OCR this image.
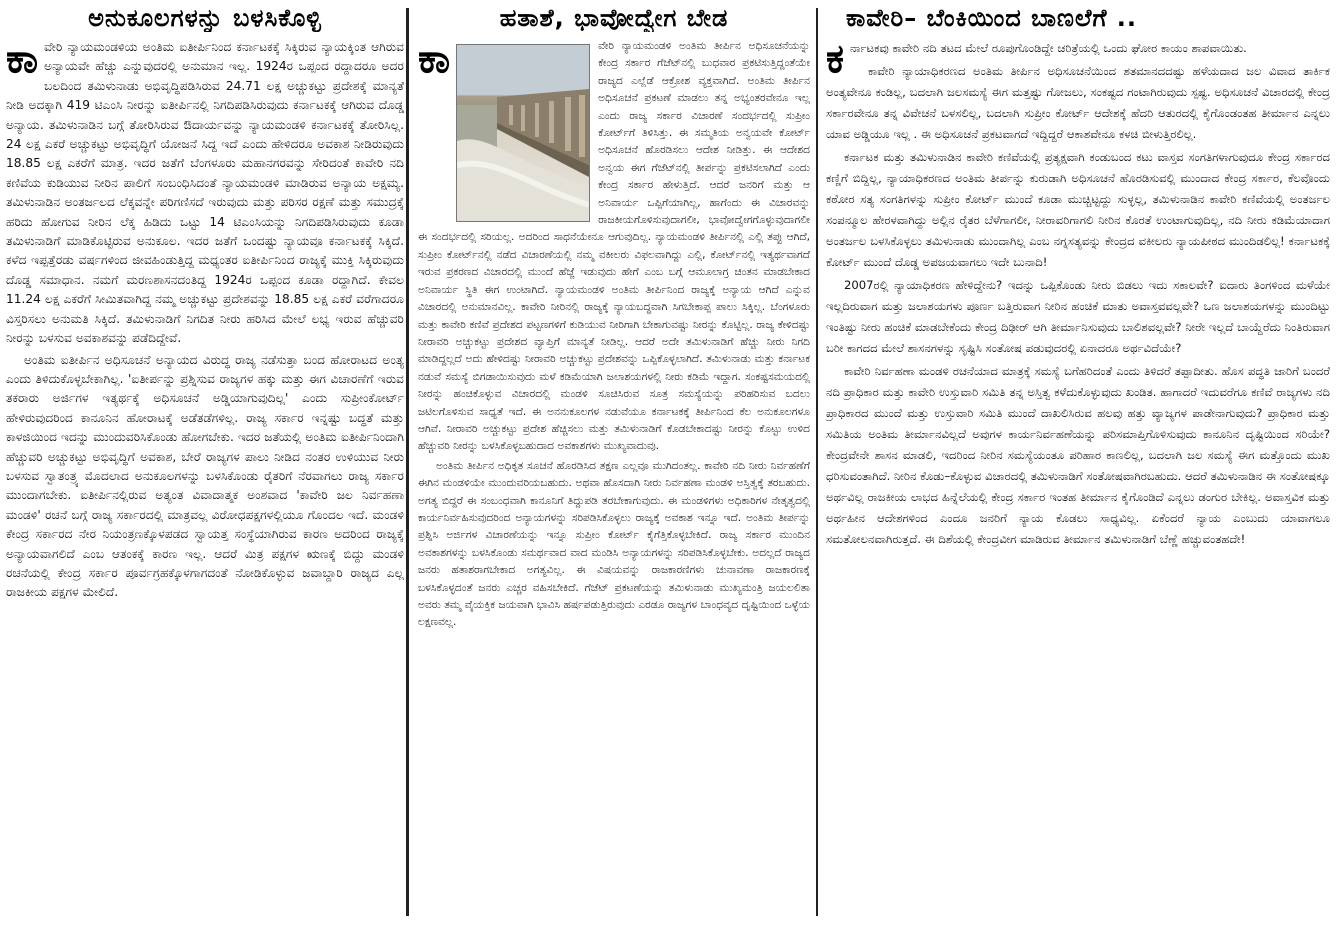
ಅನುಕೂಲಗಳನ್ನು ಬಳಸಿಕೊಳ್ಳಿ

ಕಾ ವೇರಿ ನ್ಯಾಯಮಂಡಳಿಯ ಅಂತಿಮ ಐತೀರ್ಪಿನಿಂದ ಕರ್ನಾಟಕಕ್ಕೆ ಸಿಕ್ಕಿರುವ ನ್ಯಾಯಕ್ಕಿಂತ ಆಗಿರುವ ಅನ್ಯಾಯವೇ ಹೆಚ್ಚು ಎನ್ನುವುದರಲ್ಲಿ ಅನುಮಾನ ಇಲ್ಲ. 1924ರ ಒಪ್ಪಂದ ರದ್ದಾದರೂ ಅದರ ಬಲದಿಂದ ತಮಿಳುನಾಡು ಅಭಿವೃದ್ಧಿಪಡಿಸಿರುವ 24.71 ಲಕ್ಷ ಅಚ್ಚುಕಟ್ಟು ಪ್ರದೇಶಕ್ಕೆ ಮಾನ್ಯತೆ ನೀಡಿ ಅದಕ್ಕಾಗಿ 419 ಟಿಎಂಸಿ ನೀರನ್ನು ಐತೀರ್ಪಿನಲ್ಲಿ ನಿಗದಿಪಡಿಸಿರುವುದು ಕರ್ನಾಟಕಕ್ಕೆ ಆಗಿರುವ ದೊಡ್ಡ ಅನ್ಯಾಯ. ತಮಿಳುನಾಡಿನ ಬಗ್ಗೆ ತೋರಿಸಿರುವ ಔದಾರ್ಯವನ್ನು ನ್ಯಾಯಮಂಡಳಿ ಕರ್ನಾಟಕಕ್ಕೆ ತೋರಿಸಿಲ್ಲ. 24 ಲಕ್ಷ ಎಕರೆ ಅಚ್ಚುಕಟ್ಟು ಅಭಿವೃದ್ಧಿಗೆ ಯೋಜನೆ ಸಿದ್ದ ಇದೆ ಎಂದು ಹೇಳಿದರೂ ಅವಕಾಶ ನೀಡಿರುವುದು 18.85 ಲಕ್ಷ ಎಕರೆಗೆ ಮಾತ್ರ. ಇದರ ಜತೆಗೆ ಬೆಂಗಳೂರು ಮಹಾನಗರವನ್ನು ಸೇರಿದಂತೆ ಕಾವೇರಿ ನದಿ ಕಣಿವೆಯ ಕುಡಿಯುವ ನೀರಿನ ಪಾಲಿಗೆ ಸಂಬಂಧಿಸಿದಂತೆ ನ್ಯಾಯಮಂಡಳಿ ಮಾಡಿರುವ ಅನ್ಯಾಯ ಅಕ್ಷಮ್ಯ. ತಮಿಳುನಾಡಿನ ಅಂತರ್ಜಲದ ಲೆಕ್ಕವನ್ನೇ ಪರಿಗಣಿಸದೆ ಇರುವುದು ಮತ್ತು ಪರಿಸರ ರಕ್ಷಣೆ ಮತ್ತು ಸಮುದ್ರಕ್ಕೆ ಹರಿದು ಹೋಗುವ ನೀರಿನ ಲೆಕ್ಕ ಹಿಡಿದು ಒಟ್ಟು 14 ಟಿಎಂಸಿಯನ್ನು ನಿಗದಿಪಡಿಸಿರುವುದು ಕೂಡಾ ತಮಿಳುನಾಡಿಗೆ ಮಾಡಿಕೊಟ್ಟಿರುವ ಅನುಕೂಲ. ಇದರ ಜತೆಗೆ ಒಂದಷ್ಟು ನ್ಯಾಯವೂ ಕರ್ನಾಟಕಕ್ಕೆ ಸಿಕ್ಕಿದೆ. ಕಳೆದ ಇಪ್ಪತ್ತೆರಡು ವರ್ಷಗಳಿಂದ ಜೀವಹಿಂಡುತ್ತಿದ್ದ ಮಧ್ಯಂತರ ಐತೀರ್ಪಿನಿಂದ ರಾಜ್ಯಕ್ಕೆ ಮುಕ್ತಿ ಸಿಕ್ಕಿರುವುದು ದೊಡ್ಡ ಸಮಾಧಾನ. ನಮಗೆ ಮರಣಶಾಸನದಂತಿದ್ದ 1924ರ ಒಪ್ಪಂದ ಕೂಡಾ ರದ್ದಾಗಿದೆ. ಕೇವಲ 11.24 ಲಕ್ಷ ಎಕರೆಗೆ ಸೀಮಿತವಾಗಿದ್ದ ನಮ್ಮ ಅಚ್ಚುಕಟ್ಟು ಪ್ರದೇಶವನ್ನು 18.85 ಲಕ್ಷ ಎಕರೆ ವರೆಗಾದರೂ ವಿಸ್ತರಿಸಲು ಅನುಮತಿ ಸಿಕ್ಕಿದೆ. ತಮಿಳುನಾಡಿಗೆ ನಿಗದಿತ ನೀರು ಹರಿಸಿದ ಮೇಲೆ ಲಭ್ಯ ಇರುವ ಹೆಚ್ಚುವರಿ ನೀರನ್ನು ಬಳಸುವ ಅವಕಾಶವನ್ನು ಪಡೆದಿದ್ದೇವೆ.

ಅಂತಿಮ ಐತೀರ್ಪಿನ ಅಧಿಸೂಚನೆ ಅನ್ಯಾಯದ ವಿರುದ್ಧ ರಾಜ್ಯ ನಡೆಸುತ್ತಾ ಬಂದ ಹೋರಾಟದ ಅಂತ್ಯ ಎಂದು ತಿಳಿದುಕೊಳ್ಳಬೇಕಾಗಿಲ್ಲ. 'ಐತೀರ್ಪನ್ನು ಪ್ರಶ್ನಿಸುವ ರಾಜ್ಯಗಳ ಹಕ್ಕು ಮತ್ತು ಈಗ ವಿಚಾರಣೆಗೆ ಇರುವ ತಕರಾರು ಅರ್ಜಿಗಳ ಇತ್ಯರ್ಥಕ್ಕೆ ಅಧಿಸೂಚನೆ ಅಡ್ಡಿಯಾಗುವುದಿಲ್ಲ' ಎಂದು ಸುಪ್ರೀಂಕೋರ್ಟ್ ಹೇಳಿರುವುದರಿಂದ ಕಾನೂನಿನ ಹೋರಾಟಕ್ಕೆ ಅಡೆತಡೆಗಳಿಲ್ಲ. ರಾಜ್ಯ ಸರ್ಕಾರ ಇನ್ನಷ್ಟು ಬದ್ಧತೆ ಮತ್ತು ಕಾಳಜಿಯಿಂದ ಇದನ್ನು ಮುಂದುವರಿಸಿಕೊಂಡು ಹೋಗಬೇಕು. ಇದರ ಜತೆಯಲ್ಲಿ ಅಂತಿಮ ಐತೀರ್ಪಿನಿಂದಾಗಿ ಹೆಚ್ಚುವರಿ ಅಚ್ಚುಕಟ್ಟು ಅಭಿವೃದ್ಧಿಗೆ ಅವಕಾಶ, ಬೇರೆ ರಾಜ್ಯಗಳ ಪಾಲು ನೀಡಿದ ನಂತರ ಉಳಿಯುವ ನೀರು ಬಳಸುವ ಸ್ವಾತಂತ್ರ್ಯ ಮೊದಲಾದ ಅನುಕೂಲಗಳನ್ನು ಬಳಸಿಕೊಂಡು ರೈತರಿಗೆ ನೆರವಾಗಲು ರಾಜ್ಯ ಸರ್ಕಾರ ಮುಂದಾಗಬೇಕು. ಐತೀರ್ಪಿನಲ್ಲಿರುವ ಅತ್ಯಂತ ವಿವಾದಾತ್ಮಕ ಅಂಶವಾದ 'ಕಾವೇರಿ ಜಲ ನಿರ್ವಹಣಾ ಮಂಡಳಿ' ರಚನೆ ಬಗ್ಗೆ ರಾಜ್ಯ ಸರ್ಕಾರದಲ್ಲಿ ಮಾತ್ರವಲ್ಲ ವಿರೋಧಪಕ್ಷಗಳಲ್ಲಿಯೂ ಗೊಂದಲ ಇದೆ. ಮಂಡಳಿ ಕೇಂದ್ರ ಸರ್ಕಾರದ ನೇರ ನಿಯಂತ್ರಣಕ್ಕೊಳಪಡದ ಸ್ವಾಯತ್ತ ಸಂಸ್ಥೆಯಾಗಿರುವ ಕಾರಣ ಅದರಿಂದ ರಾಜ್ಯಕ್ಕೆ ಅನ್ಯಾಯವಾಗಲಿದೆ ಎಂಬ ಆತಂಕಕ್ಕೆ ಕಾರಣ ಇಲ್ಲ. ಆದರೆ ಮಿತ್ರ ಪಕ್ಷಗಳ ಋಣಕ್ಕೆ ಬಿದ್ದು ಮಂಡಳಿ ರಚನೆಯಲ್ಲಿ ಕೇಂದ್ರ ಸರ್ಕಾರ ಪೂರ್ವಗ್ರಹಕ್ಕೊಳಗಾಗದಂತೆ ನೋಡಿಕೊಳ್ಳುವ ಜವಾಬ್ದಾರಿ ರಾಜ್ಯದ ಎಲ್ಲ ರಾಜಕೀಯ ಪಕ್ಷಗಳ ಮೇಲಿದೆ.

ಹತಾಶೆ, ಭಾವೋದ್ವೇಗ ಬೇಡ

ಕಾ	ವೇರಿ ನ್ಯಾಯಮಂಡಳಿ ಅಂತಿಮ ತೀರ್ಪಿನ ಅಧಿಸೂಚನೆಯನ್ನು ಕೇಂದ್ರ ಸರ್ಕಾರ ಗೆಜೆಟ್‌ನಲ್ಲಿ ಬುಧವಾರ ಪ್ರಕಟಿಸುತ್ತಿದ್ದಂತೆಯೇ ರಾಜ್ಯದ ಎಲ್ಲೆಡೆ ಆಕ್ರೋಶ ವ್ಯಕ್ತವಾಗಿದೆ. ಅಂತಿಮ ತೀರ್ಪಿನ ಅಧಿಸೂಚನೆ ಪ್ರಕಟಣೆ ಮಾಡಲು ತನ್ನ ಅಭ್ಯಂತರವೇನೂ ಇಲ್ಲ ಎಂದು ರಾಜ್ಯ ಸರ್ಕಾರ ವಿಚಾರಣೆ ಸಂದರ್ಭದಲ್ಲಿ ಸುಪ್ರೀಂ ಕೋರ್ಟ್‌ಗೆ ತಿಳಿಸಿತ್ತು. ಈ ಸಮ್ಮತಿಯ ಅನ್ವಯವೇ ಕೋರ್ಟ್ ಅಧಿಸೂಚನೆ ಹೊರಡಿಸಲು ಆದೇಶ ನೀಡಿತ್ತು. ಈ ಆದೇಶದ ಅನ್ವಯ ಈಗ ಗೆಜೆಟ್‌ನಲ್ಲಿ ತೀರ್ಪನ್ನು ಪ್ರಕಟಿಸಲಾಗಿದೆ ಎಂದು ಕೇಂದ್ರ ಸರ್ಕಾರ ಹೇಳುತ್ತಿದೆ. ಆದರೆ ಜನರಿಗೆ ಮತ್ತು ಆ ಅನಿವಾರ್ಯ ಒಪ್ಪಿಗೆಯಾಗಿಲ್ಲ, ಹಾಗೆಂದು ಈ ವಿಚಾರವನ್ನು ರಾಜಕೀಯಗೊಳಿಸುವುದಾಗಲೀ, ಭಾವೋದ್ವೇಗಗೊಳ್ಳುವುದಾಗಲೀ ಈ ಸಂದರ್ಭದಲ್ಲಿ ಸರಿಯಲ್ಲ. ಅದರಿಂದ ಸಾಧನೆಯೇನೂ ಆಗುವುದಿಲ್ಲ. ನ್ಯಾಯಮಂಡಳಿ ತೀರ್ಪಿನಲ್ಲಿ ಎಲ್ಲಿ ತಪ್ಪು ಆಗಿದೆ, ಸುಪ್ರೀಂ ಕೋರ್ಟ್‌ನಲ್ಲಿ ನಡೆದ ವಿಚಾರಣೆಯಲ್ಲಿ ನಮ್ಮ ವಕೀಲರು ವಿಫಲವಾಗಿದ್ದು ಎಲ್ಲಿ, ಕೋರ್ಟ್‌ನಲ್ಲಿ ಇತ್ಯರ್ಥವಾಗದೆ ಇರುವ ಪ್ರಕರಣದ ವಿಚಾರದಲ್ಲಿ ಮುಂದೆ ಹೆಜ್ಜೆ ಇಡುವುದು ಹೇಗೆ ಎಂಬ ಬಗ್ಗೆ ಆಮೂಲಾಗ್ರ ಚಿಂತನ ಮಾಡಬೇಕಾದ ಅನಿವಾರ್ಯ ಸ್ಥಿತಿ ಈಗ ಉಂಟಾಗಿದೆ. ನ್ಯಾಯಮಂಡಳಿ ಅಂತಿಮ ತೀರ್ಪಿನಿಂದ ರಾಜ್ಯಕ್ಕೆ ಅನ್ಯಾಯ ಆಗಿದೆ ಎನ್ನುವ ವಿಚಾರದಲ್ಲಿ ಅನುಮಾನವಿಲ್ಲ. ಕಾವೇರಿ ನೀರಿನಲ್ಲಿ ರಾಜ್ಯಕ್ಕೆ ನ್ಯಾಯಬದ್ಧವಾಗಿ ಸಿಗಬೇಕಾಪ್ಪ ಪಾಲು ಸಿಕ್ಕಿಲ್ಲ. ಬೆಂಗಳೂರು ಮತ್ತು ಕಾವೇರಿ ಕಣಿವೆ ಪ್ರದೇಶದ ಪಟ್ಟಣಗಳಿಗೆ ಕುಡಿಯುವ ನೀರಿಗಾಗಿ ಬೇಕಾಗುವಷ್ಟು ನೀರನ್ನು ಕೊಟ್ಟಿಲ್ಲ. ರಾಜ್ಯ ಕೇಳಿದಷ್ಟು ನೀರಾವರಿ ಅಚ್ಚುಕಟ್ಟು ಪ್ರದೇಶದ ವ್ಯಾಪ್ತಿಗೆ ಮಾನ್ಯತೆ ನೀಡಿಲ್ಲ. ಆದರೆ ಅದೇ ತಮಿಳುನಾಡಿಗೆ ಹೆಚ್ಚು ನೀರು ನಿಗದಿ ಮಾಡಿದ್ದಲ್ಲದೆ ಅದು ಹೇಳಿದಷ್ಟು ನೀರಾವರಿ ಅಚ್ಚುಕಟ್ಟು ಪ್ರದೇಶವನ್ನು ಒಪ್ಪಿಕೊಳ್ಳಲಾಗಿದೆ. ತಮಿಳುನಾಡು ಮತ್ತು ಕರ್ನಾಟಕ ನಡುವೆ ಸಮಸ್ಯೆ ಬಿಗಡಾಯಿಸುವುದು ಮಳೆ ಕಡಿಮೆಯಾಗಿ ಜಲಾಶಯಗಳಲ್ಲಿ ನೀರು ಕಡಿಮೆ ಇದ್ದಾಗ. ಸಂಕಷ್ಟಸಮಯದಲ್ಲಿ ನೀರನ್ನು ಹಂಚಿಕೊಳ್ಳುವ ವಿಚಾರದಲ್ಲಿ ಮಂಡಳಿ ಸೂಚಿಸಿರುವ ಸೂತ್ರ ಸಮಸ್ಯೆಯನ್ನು ಪರಿಹರಿಸುವ ಬದಲು ಜಟಿಲಗೊಳಿಸುವ ಸಾಧ್ಯತೆ ಇದೆ. ಈ ಅನನುಕೂಲಗಳ ನಡುವೆಯೂ ಕರ್ನಾಟಕಕ್ಕೆ ತೀರ್ಪಿನಿಂದ ಕೆಲ ಅನುಕೂಲಗಳೂ ಆಗಿವೆ. ನೀರಾವರಿ ಅಚ್ಚುಕಟ್ಟು ಪ್ರದೇಶ ಹೆಚ್ಚಿಸಲು ಮತ್ತು ತಮಿಳುನಾಡಿಗೆ ಕೊಡಬೇಕಾದಷ್ಟು ನೀರನ್ನು ಕೊಟ್ಟು ಉಳಿದ ಹೆಚ್ಚುವರಿ ನೀರನ್ನು ಬಳಸಿಕೊಳ್ಳಬಹುದಾದ ಅವಕಾಶಗಳು ಮುಖ್ಯವಾದುವು.

ಅಂತಿಮ ತೀರ್ಪಿನ ಅಧಿಕೃತ ಸೂಚನೆ ಹೊರಡಿಸಿದ ತಕ್ಷಣ ಎಲ್ಲವೂ ಮುಗಿದಂತಲ್ಲ. ಕಾವೇರಿ ನದಿ ನೀರು ನಿರ್ವಹಣೆಗೆ ಈಗಿನ ಮಂಡಳಿಯೇ ಮುಂದುವರಿಯಬಹುದು. ಅಥವಾ ಹೊಸದಾಗಿ ನೀರು ನಿರ್ವಹಣಾ ಮಂಡಳಿ ಅಸ್ತಿತ್ವಕ್ಕೆ ತರಬಹುದು. ಅಗತ್ಯ ಬಿದ್ದರೆ ಈ ಸಂಬಂಧವಾಗಿ ಕಾನೂನಿಗೆ ತಿದ್ದುಪಡಿ ತರಬೇಕಾಗುವುದು. ಈ ಮಂಡಳಿಗಳು ಅಧಿಕಾರಿಗಳ ನೇತೃತ್ವದಲ್ಲಿ ಕಾರ್ಯನಿರ್ವಹಿಸುವುದರಿಂದ ಅನ್ಯಾಯಗಳನ್ನು ಸರಿಪಡಿಸಿಕೊಳ್ಳಲು ರಾಜ್ಯಕ್ಕೆ ಅವಕಾಶ ಇನ್ನೂ ಇದೆ. ಅಂತಿಮ ತೀರ್ಪನ್ನು ಪ್ರಶ್ನಿಸಿ ಅರ್ಜಿಗಳ ವಿಚಾರಣೆಯನ್ನು ಇನ್ನೂ ಸುಪ್ರೀಂ ಕೋರ್ಟ್ ಕೈಗೆತ್ತಿಕೊಳ್ಳಬೇಕಿದೆ. ರಾಜ್ಯ ಸರ್ಕಾರ ಮುಂದಿನ ಅವಕಾಶಗಳನ್ನು ಬಳಸಿಕೊಂಡು ಸಮರ್ಥವಾದ ವಾದ ಮಂಡಿಸಿ ಅನ್ಯಾಯಗಳನ್ನು ಸರಿಪಡಿಸಿಕೊಳ್ಳಬೇಕು. ಅದಲ್ಲದೆ ರಾಜ್ಯದ ಜನರು ಹತಾಶರಾಗಬೇಕಾದ ಅಗತ್ಯವಿಲ್ಲ. ಈ ವಿಷಯವನ್ನು ರಾಜಕಾರಣಿಗಳು ಚುನಾವಣಾ ರಾಜಕಾರಣಕ್ಕೆ ಬಳಸಿಕೊಳ್ಳದಂತೆ ಜನರು ಎಚ್ಚರ ವಹಿಸಬೇಕಿದೆ. ಗೆಜೆಟ್ ಪ್ರಕಟಣೆಯನ್ನು ತಮಿಳುನಾಡು ಮುಖ್ಯಮಂತ್ರಿ ಜಯಲಲಿತಾ ಅವರು ತಮ್ಮ ವೈಯಕ್ತಿಕ ಜಯವಾಗಿ ಭಾವಿಸಿ ಹರ್ಷಪಡುತ್ತಿರುವುದು ಎರಡೂ ರಾಜ್ಯಗಳ ಬಾಂಧವ್ಯದ ದೃಷ್ಟಿಯಿಂದ ಒಳ್ಳೆಯ ಲಕ್ಷಣವಲ್ಲ.

ಕಾವೇರಿ– ಬೆಂಕಿಯಿಂದ ಬಾಣಲೆಗೆ ..

ಕ ರ್ನಾಟಕವು ಕಾವೇರಿ ನದಿ ತಟದ ಮೇಲೆ ರೂಪುಗೊಂಡಿದ್ದೇ ಚರಿತ್ರೆಯಲ್ಲಿ ಒಂದು ಘೋರ ಕಾಯಂ ಶಾಪವಾಯಿತು.

ಕಾವೇರಿ ನ್ಯಾಯಾಧಿಕರಣದ ಅಂತಿಮ ತೀರ್ಪಿನ ಅಧಿಸೂಚನೆಯಿಂದ ಶತಮಾನದದಷ್ಟು ಹಳೆಯದಾದ ಜಲ ವಿವಾದ ತಾರ್ಕಿಕ ಅಂತ್ಯವೇನೂ ಕಂಡಿಲ್ಲ, ಬದಲಾಗಿ ಜಲಸಮಸ್ಯೆ ಈಗ ಮತ್ತಷ್ಟು ಗೋಜಲು, ಸಂಕಷ್ಟದ ಗಂಟಾಗಿರುವುದು ಸ್ಪಷ್ಟ. ಅಧಿಸೂಚನೆ ವಿಚಾರದಲ್ಲಿ ಕೇಂದ್ರ ಸರ್ಕಾರವೇನೂ ತನ್ನ ವಿವೇಚನೆ ಬಳಸಲಿಲ್ಲ, ಬದಲಾಗಿ ಸುಪ್ರೀಂ ಕೋರ್ಟ್ ಆದೇಶಕ್ಕೆ ಹೆದರಿ ಆತುರದಲ್ಲಿ ಕೈಗೊಂಡಂತಹ ತೀರ್ಮಾನ ಎನ್ನಲು ಯಾವ ಅಡ್ಡಿಯೂ ಇಲ್ಲ . ಈ ಅಧಿಸೂಚನೆ ಪ್ರಕಟವಾಗದೆ ಇದ್ದಿದ್ದರೆ ಆಕಾಶವೇನೂ ಕಳಚಿ ಬೀಳುತ್ತಿರಲಿಲ್ಲ.

ಕರ್ನಾಟಕ ಮತ್ತು ತಮಿಳುನಾಡಿನ ಕಾವೇರಿ ಕಣಿವೆಯಲ್ಲಿ ಪ್ರತ್ಯಕ್ಷವಾಗಿ ಕಂಡುಬಂದ ಕಟು ವಾಸ್ತವ ಸಂಗತಿಗಳಾಗುವುದೂ ಕೇಂದ್ರ ಸರ್ಕಾರದ ಕಣ್ಣಿಗೆ ಬಿದ್ದಿಲ್ಲ, ನ್ಯಾಯಾಧಿಕರಣದ ಅಂತಿಮ ತೀರ್ಪನ್ನು ಕುರುಡಾಗಿ ಅಧಿಸೂಚನೆ ಹೊರಡಿಸುವಲ್ಲಿ ಮುಂದಾದ ಕೇಂದ್ರ ಸರ್ಕಾರ, ಕೆಲವೊಂದು ಕಠೋರ ಸತ್ಯ ಸಂಗತಿಗಳನ್ನು ಸುಪ್ರೀಂ ಕೋರ್ಟ್ ಮುಂದೆ ಕೂಡಾ ಮುಚ್ಚಿಟ್ಟದ್ದು ಸುಳ್ಳಲ್ಲ, ತಮಿಳುನಾಡಿನ ಕಾವೇರಿ ಕಣಿವೆಯಲ್ಲಿ ಅಂತರ್ಜಲ ಸಂಪನ್ಮೂಲ ಹೇರಳವಾಗಿದ್ದು ಅಲ್ಲಿನ ರೈತರ ಬೆಳೆಗಾಗಲೀ, ನೀರಾವರಿಗಾಗಲಿ ನೀರಿನ ಕೊರತೆ ಉಂಟಾಗುವುದಿಲ್ಲ, ನದಿ ನೀರು ಕಡಿಮೆಯಾದಾಗ ಅಂತರ್ಜಲ ಬಳಸಿಕೊಳ್ಳಲು ತಮಿಳುನಾಡು ಮುಂದಾಗಿಲ್ಲ ಎಂಬ ನಗ್ನಸತ್ಯವನ್ನು ಕೇಂದ್ರದ ವಕೀಲರು ನ್ಯಾಯಪೀಠದ ಮುಂದಿಡಲಿಲ್ಲ! ಕರ್ನಾಟಕಕ್ಕೆ ಕೋರ್ಟ್ ಮುಂದೆ ದೊಡ್ಡ ಅಪಜಯವಾಗಲು ಇದೇ ಬುನಾದಿ!

2007ರಲ್ಲಿ ನ್ಯಾಯಾಧಿಕರಣ ಹೇಳಿದ್ದೇನು? ಇದನ್ನು ಒಪ್ಪಿಕೊಂಡು ನೀರು ಬಿಡಲು ಇದು ಸಕಾಲವೇ? ಐದಾರು ತಿಂಗಳಿಂದ ಮಳೆಯೇ ಇಲ್ಲದಿರುವಾಗ ಮತ್ತು ಜಲಾಶಯಗಳು ಪೂರ್ಣ ಬತ್ತಿರುವಾಗ ನೀರಿನ ಹಂಚಿಕೆ ಮಾತು ಅವಾಸ್ತವವಲ್ಲವೇ? ಒಣ ಜಲಾಶಯಗಳನ್ನು ಮುಂದಿಟ್ಟು ಇಂತಿಷ್ಟು ನೀರು ಹಂಚಿಕೆ ಮಾಡಬೇಕೆಂದು ಕೇಂದ್ರ ದಿಢೀರ್ ಆಗಿ ತೀರ್ಮಾನಿಸುವುದು ಬಾಲಿಶವಲ್ಲವೇ? ನೀರೇ ಇಲ್ಲದೆ ಬಾಯ್ದೆರೆದು ನಿಂತಿರುವಾಗ ಬರೀ ಕಾಗದದ ಮೇಲೆ ಶಾಸನಗಳನ್ನು ಸೃಷ್ಟಿಸಿ ಸಂತೋಷ ಪಡುವುದರಲ್ಲಿ ಏನಾದರೂ ಅರ್ಥವಿದೆಯೇ?

ಕಾವೇರಿ ನಿರ್ವಹಣಾ ಮಂಡಳಿ ರಚನೆಯಾದ ಮಾತ್ರಕ್ಕೆ ಸಮಸ್ಯೆ ಬಗೆಹರಿದಂತೆ ಎಂದು ತಿಳಿದರೆ ತಪ್ಪಾದೀತು. ಹೊಸ ಪದ್ಧತಿ ಜಾರಿಗೆ ಬಂದರೆ ನದಿ ಪ್ರಾಧಿಕಾರ ಮತ್ತು ಕಾವೇರಿ ಉಸ್ತುವಾರಿ ಸಮಿತಿ ತನ್ನ ಅಸ್ತಿತ್ವ ಕಳೆದುಕೊಳ್ಳುವುದು ಖಂಡಿತ. ಹಾಗಾದರೆ ಇದುವರೆಗೂ ಕಣಿವೆ ರಾಜ್ಯಗಳು ನದಿ ಪ್ರಾಧಿಕಾರದ ಮುಂದೆ ಮತ್ತು ಉಸ್ತುವಾರಿ ಸಮಿತಿ ಮುಂದೆ ದಾಖಲಿಸಿರುವ ಹಲವು ಹತ್ತು ವ್ಯಾಜ್ಯಗಳ ಪಾಡೇನಾಗುವುದು? ಪ್ರಾಧಿಕಾರ ಮತ್ತು ಸಮಿತಿಯ ಅಂತಿಮ ತೀರ್ಮಾನವಿಲ್ಲದೆ ಅವುಗಳ ಕಾರ್ಯನಿರ್ವಹಣೆಯನ್ನು ಪರಿಸಮಾಪ್ತಿಗೊಳಿಸುವುದು ಕಾನೂನಿನ ದೃಷ್ಟಿಯಿಂದ ಸರಿಯೇ? ಕೇಂದ್ರವೇನೇ ಶಾಸನ ಮಾಡಲಿ, ಇದರಿಂದ ನೀರಿನ ಸಮಸ್ಯೆಯಂತೂ ಪರಿಹಾರ ಕಾಣಲಿಲ್ಲ, ಬದಲಾಗಿ ಜಲ ಸಮಸ್ಯೆ ಈಗ ಮತ್ತೊಂದು ಮುಖ ಧರಿಸುವಂತಾಗಿದೆ. ನೀರಿನ ಕೊಡು–ಕೊಳ್ಳುವ ವಿಚಾರದಲ್ಲಿ ತಮಿಳುನಾಡಿಗೆ ಸಂತೋಷವಾಗಿರಬಹುದು. ಆದರೆ ತಮಿಳುನಾಡಿನ ಈ ಸಂತೋಷಕ್ಕೂ ಅರ್ಥವಿಲ್ಲ ರಾಜಕೀಯ ಲಾಭದ ಹಿನ್ನೆಲೆಯಲ್ಲಿ ಕೇಂದ್ರ ಸರ್ಕಾರ ಇಂತಹ ತೀರ್ಮಾನ ಕೈಗೊಂಡಿದೆ ಎನ್ನಲು ಡಂಗುರ ಬೇಕಿಲ್ಲ. ಅವಾಸ್ತವಿಕ ಮತ್ತು ಅರ್ಥಹೀನ ಆದೇಶಗಳಿಂದ ಎಂದೂ ಜನರಿಗೆ ನ್ಯಾಯ ಕೊಡಲು ಸಾಧ್ಯವಿಲ್ಲ. ಏಕೆಂದರೆ ನ್ಯಾಯ ಎಂಬುದು ಯಾವಾಗಲೂ ಸಮತೋಲನವಾಗಿರುತ್ತದೆ. ಈ ದಿಶೆಯಲ್ಲಿ ಕೇಂದ್ರವೀಗ ಮಾಡಿರುವ ತೀರ್ಮಾನ ತಮಿಳುನಾಡಿಗೆ ಬೆಣ್ಣೆ ಹಚ್ಚುವಂತಹದೇ!
